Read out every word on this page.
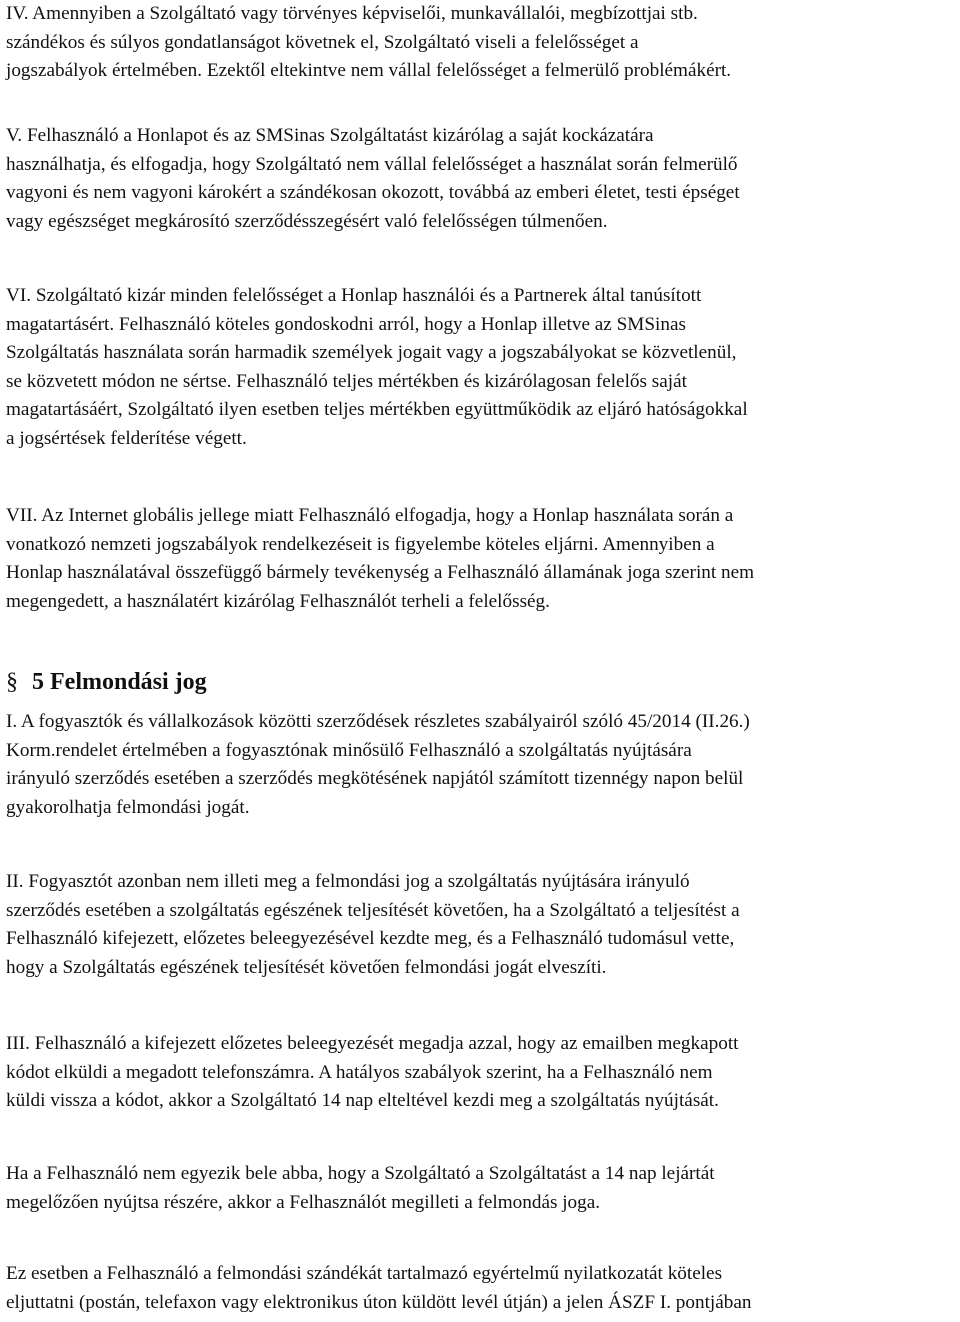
IV. Amennyiben a Szolgáltató vagy törvényes képviselői, munkavállalói, megbízottjai stb.
szándékos és súlyos gondatlanságot követnek el, Szolgáltató viseli a felelősséget a
jogszabályok értelmében. Ezektől eltekintve nem vállal felelősséget a felmerülő problémákért.

V. Felhasználó a Honlapot és az SMSinas Szolgáltatást kizárólag a saját kockázatára
használhatja, és elfogadja, hogy Szolgáltató nem vállal felelősséget a használat során felmerülő
vagyoni és nem vagyoni károkért a szándékosan okozott, továbbá az emberi életet, testi épséget
vagy egészséget megkárosító szerződésszegésért való felelősségen túlmenően.

VI. Szolgáltató kizár minden felelősséget a Honlap használói és a Partnerek által tanúsított
magatartásért. Felhasználó köteles gondoskodni arról, hogy a Honlap illetve az SMSinas
Szolgáltatás használata során harmadik személyek jogait vagy a jogszabályokat se közvetlenül,
se közvetett módon ne sértse. Felhasználó teljes mértékben és kizárólagosan felelős saját
magatartásáért, Szolgáltató ilyen esetben teljes mértékben együttműködik az eljáró hatóságokkal
a jogsértések felderítése végett.

VII. Az Internet globális jellege miatt Felhasználó elfogadja, hogy a Honlap használata során a
vonatkozó nemzeti jogszabályok rendelkezéseit is figyelembe köteles eljárni. Amennyiben a
Honlap használatával összefüggő bármely tevékenység a Felhasználó államának joga szerint nem
megengedett, a használatért kizárólag Felhasználót terheli a felelősség.

§ 5 Felmondási jog

I. A fogyasztók és vállalkozások közötti szerződések részletes szabályairól szóló 45/2014 (II.26.)
Korm.rendelet értelmében a fogyasztónak minősülő Felhasználó a szolgáltatás nyújtására
irányuló szerződés esetében a szerződés megkötésének napjától számított tizennégy napon belül
gyakorolhatja felmondási jogát.

II. Fogyasztót azonban nem illeti meg a felmondási jog a szolgáltatás nyújtására irányuló
szerződés esetében a szolgáltatás egészének teljesítését követően, ha a Szolgáltató a teljesítést a
Felhasználó kifejezett, előzetes beleegyezésével kezdte meg, és a Felhasználó tudomásul vette,
hogy a Szolgáltatás egészének teljesítését követően felmondási jogát elveszíti.

III. Felhasználó a kifejezett előzetes beleegyezését megadja azzal, hogy az emailben megkapott
kódot elküldi a megadott telefonszámra. A hatályos szabályok szerint, ha a Felhasználó nem
küldi vissza a kódot, akkor a Szolgáltató 14 nap elteltével kezdi meg a szolgáltatás nyújtását.

Ha a Felhasználó nem egyezik bele abba, hogy a Szolgáltató a Szolgáltatást a 14 nap lejártát
megelőzően nyújtsa részére, akkor a Felhasználót megilleti a felmondás joga.

Ez esetben a Felhasználó a felmondási szándékát tartalmazó egyértelmű nyilatkozatát köteles
eljuttatni (postán, telefaxon vagy elektronikus úton küldött levél útján) a jelen ÁSZF I. pontjában
